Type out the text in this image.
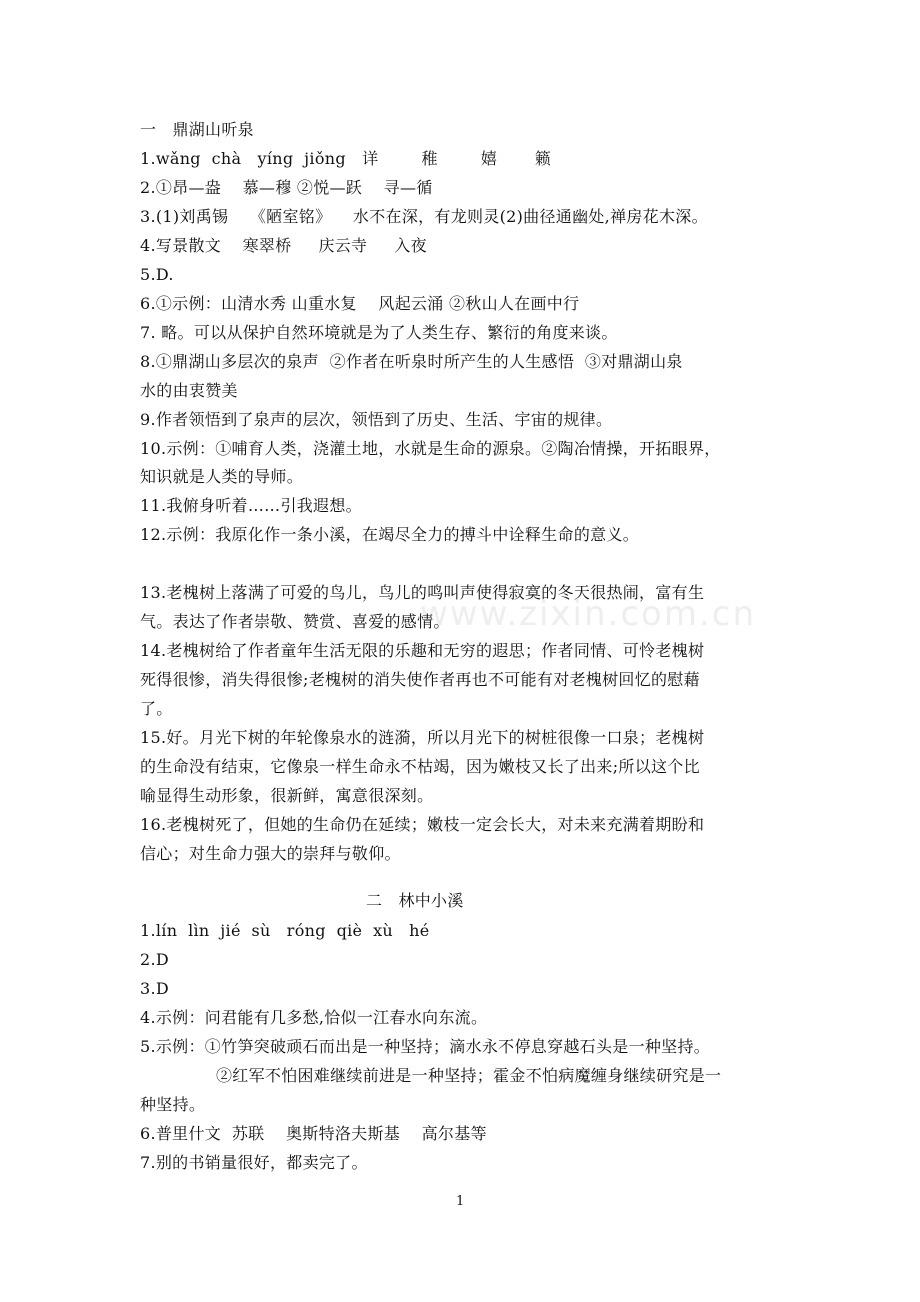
一   鼎湖山听泉
1.wǎng  chà   yíng  jiǒng   详        稚        嬉       籁
2.①昂—盎    慕—穆 ②悦—跃    寻—循
3.(1)刘禹锡    《陋室铭》    水不在深，有龙则灵(2)曲径通幽处,禅房花木深。
4.写景散文    寒翠桥     庆云寺     入夜
5.D.
6.①示例：山清水秀 山重水复    风起云涌 ②秋山人在画中行
7. 略。可以从保护自然环境就是为了人类生存、繁衍的角度来谈。
8.①鼎湖山多层次的泉声  ②作者在听泉时所产生的人生感悟  ③对鼎湖山泉
水的由衷赞美
9.作者领悟到了泉声的层次，领悟到了历史、生活、宇宙的规律。
10.示例：①哺育人类，浇灌土地，水就是生命的源泉。②陶冶情操，开拓眼界，
知识就是人类的导师。
11.我俯身听着……引我遐想。
12.示例：我原化作一条小溪，在竭尽全力的搏斗中诠释生命的意义。
13.老槐树上落满了可爱的鸟儿，鸟儿的鸣叫声使得寂寞的冬天很热闹，富有生
气。表达了作者崇敬、赞赏、喜爱的感情。
14.老槐树给了作者童年生活无限的乐趣和无穷的遐思；作者同情、可怜老槐树
死得很惨，消失得很惨;老槐树的消失使作者再也不可能有对老槐树回忆的慰藉
了。
15.好。月光下树的年轮像泉水的涟漪，所以月光下的树桩很像一口泉；老槐树
的生命没有结束，它像泉一样生命永不枯竭，因为嫩枝又长了出来;所以这个比
喻显得生动形象，很新鲜，寓意很深刻。
16.老槐树死了，但她的生命仍在延续；嫩枝一定会长大，对未来充满着期盼和
信心；对生命力强大的崇拜与敬仰。
二   林中小溪
1.lín  lìn  jié  sù   róng  qiè  xù   hé
2.D
3.D
4.示例：问君能有几多愁,恰似一江春水向东流。
5.示例：①竹笋突破顽石而出是一种坚持；滴水永不停息穿越石头是一种坚持。
②红军不怕困难继续前进是一种坚持；霍金不怕病魔缠身继续研究是一
种坚持。
6.普里什文  苏联    奥斯特洛夫斯基    高尔基等
7.别的书销量很好，都卖完了。
www.zixin.com.cn
1
